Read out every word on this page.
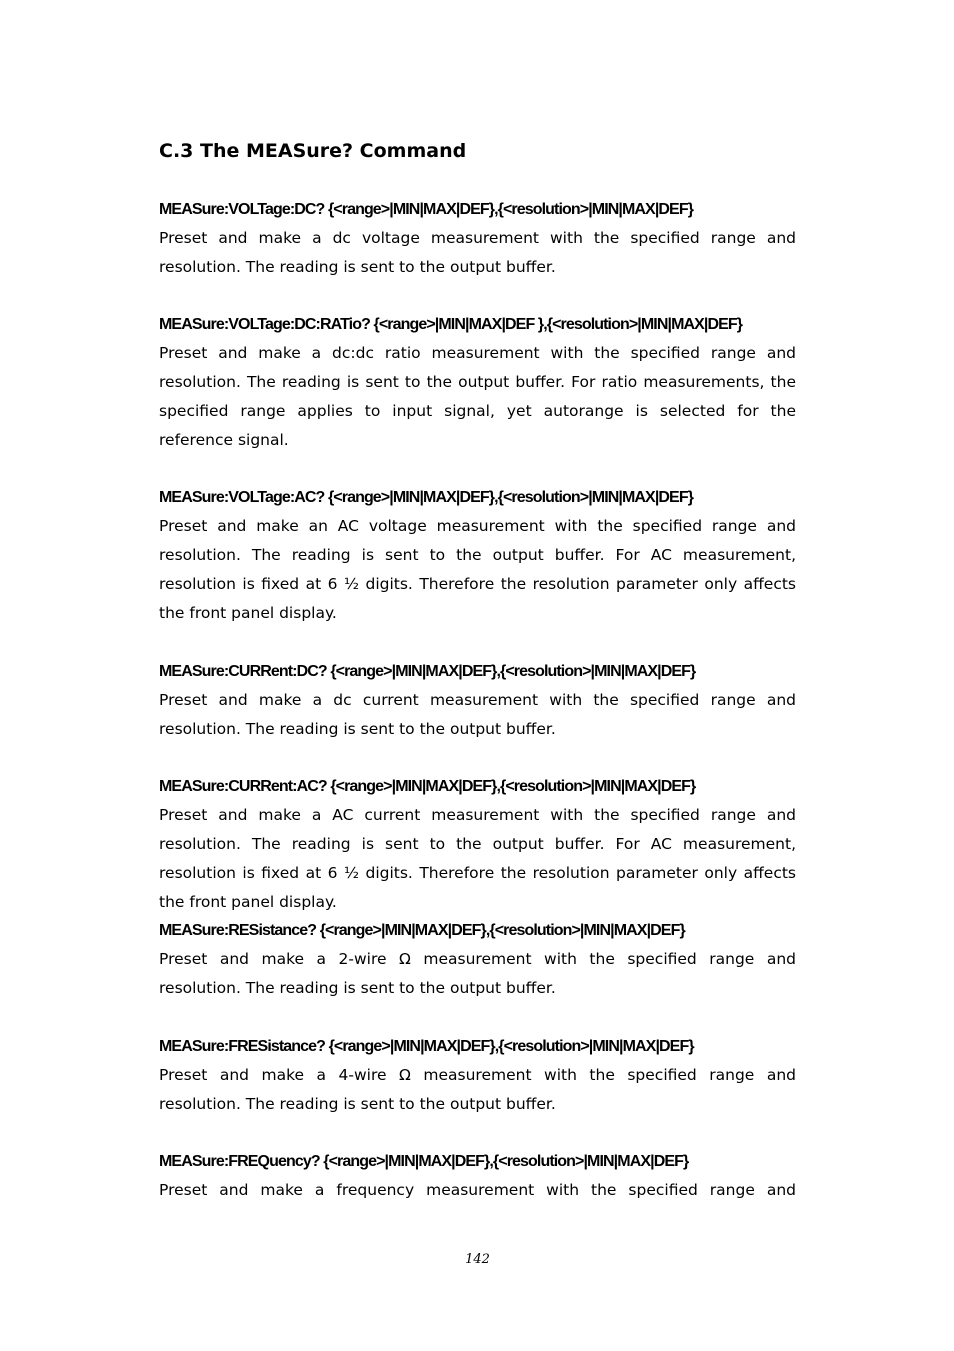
C.3 The MEASure? Command

MEASure:VOLTage:DC? {<range>|MIN|MAX|DEF},{<resolution>|MIN|MAX|DEF}

Preset and make a dc voltage measurement with the specified range and resolution. The reading is sent to the output buffer.

MEASure:VOLTage:DC:RATio? {<range>|MIN|MAX|DEF },{<resolution>|MIN|MAX|DEF}

Preset and make a dc:dc ratio measurement with the specified range and resolution. The reading is sent to the output buffer. For ratio measurements, the specified range applies to input signal, yet autorange is selected for the reference signal.

MEASure:VOLTage:AC? {<range>|MIN|MAX|DEF},{<resolution>|MIN|MAX|DEF}

Preset and make an AC voltage measurement with the specified range and resolution. The reading is sent to the output buffer. For AC measurement, resolution is fixed at 6 ½ digits. Therefore the resolution parameter only affects the front panel display.

MEASure:CURRent:DC? {<range>|MIN|MAX|DEF},{<resolution>|MIN|MAX|DEF}

Preset and make a dc current measurement with the specified range and resolution. The reading is sent to the output buffer.

MEASure:CURRent:AC? {<range>|MIN|MAX|DEF},{<resolution>|MIN|MAX|DEF}

Preset and make a AC current measurement with the specified range and resolution. The reading is sent to the output buffer. For AC measurement, resolution is fixed at 6 ½ digits. Therefore the resolution parameter only affects the front panel display.

MEASure:RESistance? {<range>|MIN|MAX|DEF},{<resolution>|MIN|MAX|DEF}

Preset and make a 2-wire Ω measurement with the specified range and resolution. The reading is sent to the output buffer.

MEASure:FRESistance? {<range>|MIN|MAX|DEF},{<resolution>|MIN|MAX|DEF}

Preset and make a 4-wire Ω measurement with the specified range and resolution. The reading is sent to the output buffer.

MEASure:FREQuency? {<range>|MIN|MAX|DEF},{<resolution>|MIN|MAX|DEF}

Preset and make a frequency measurement with the specified range and

142
